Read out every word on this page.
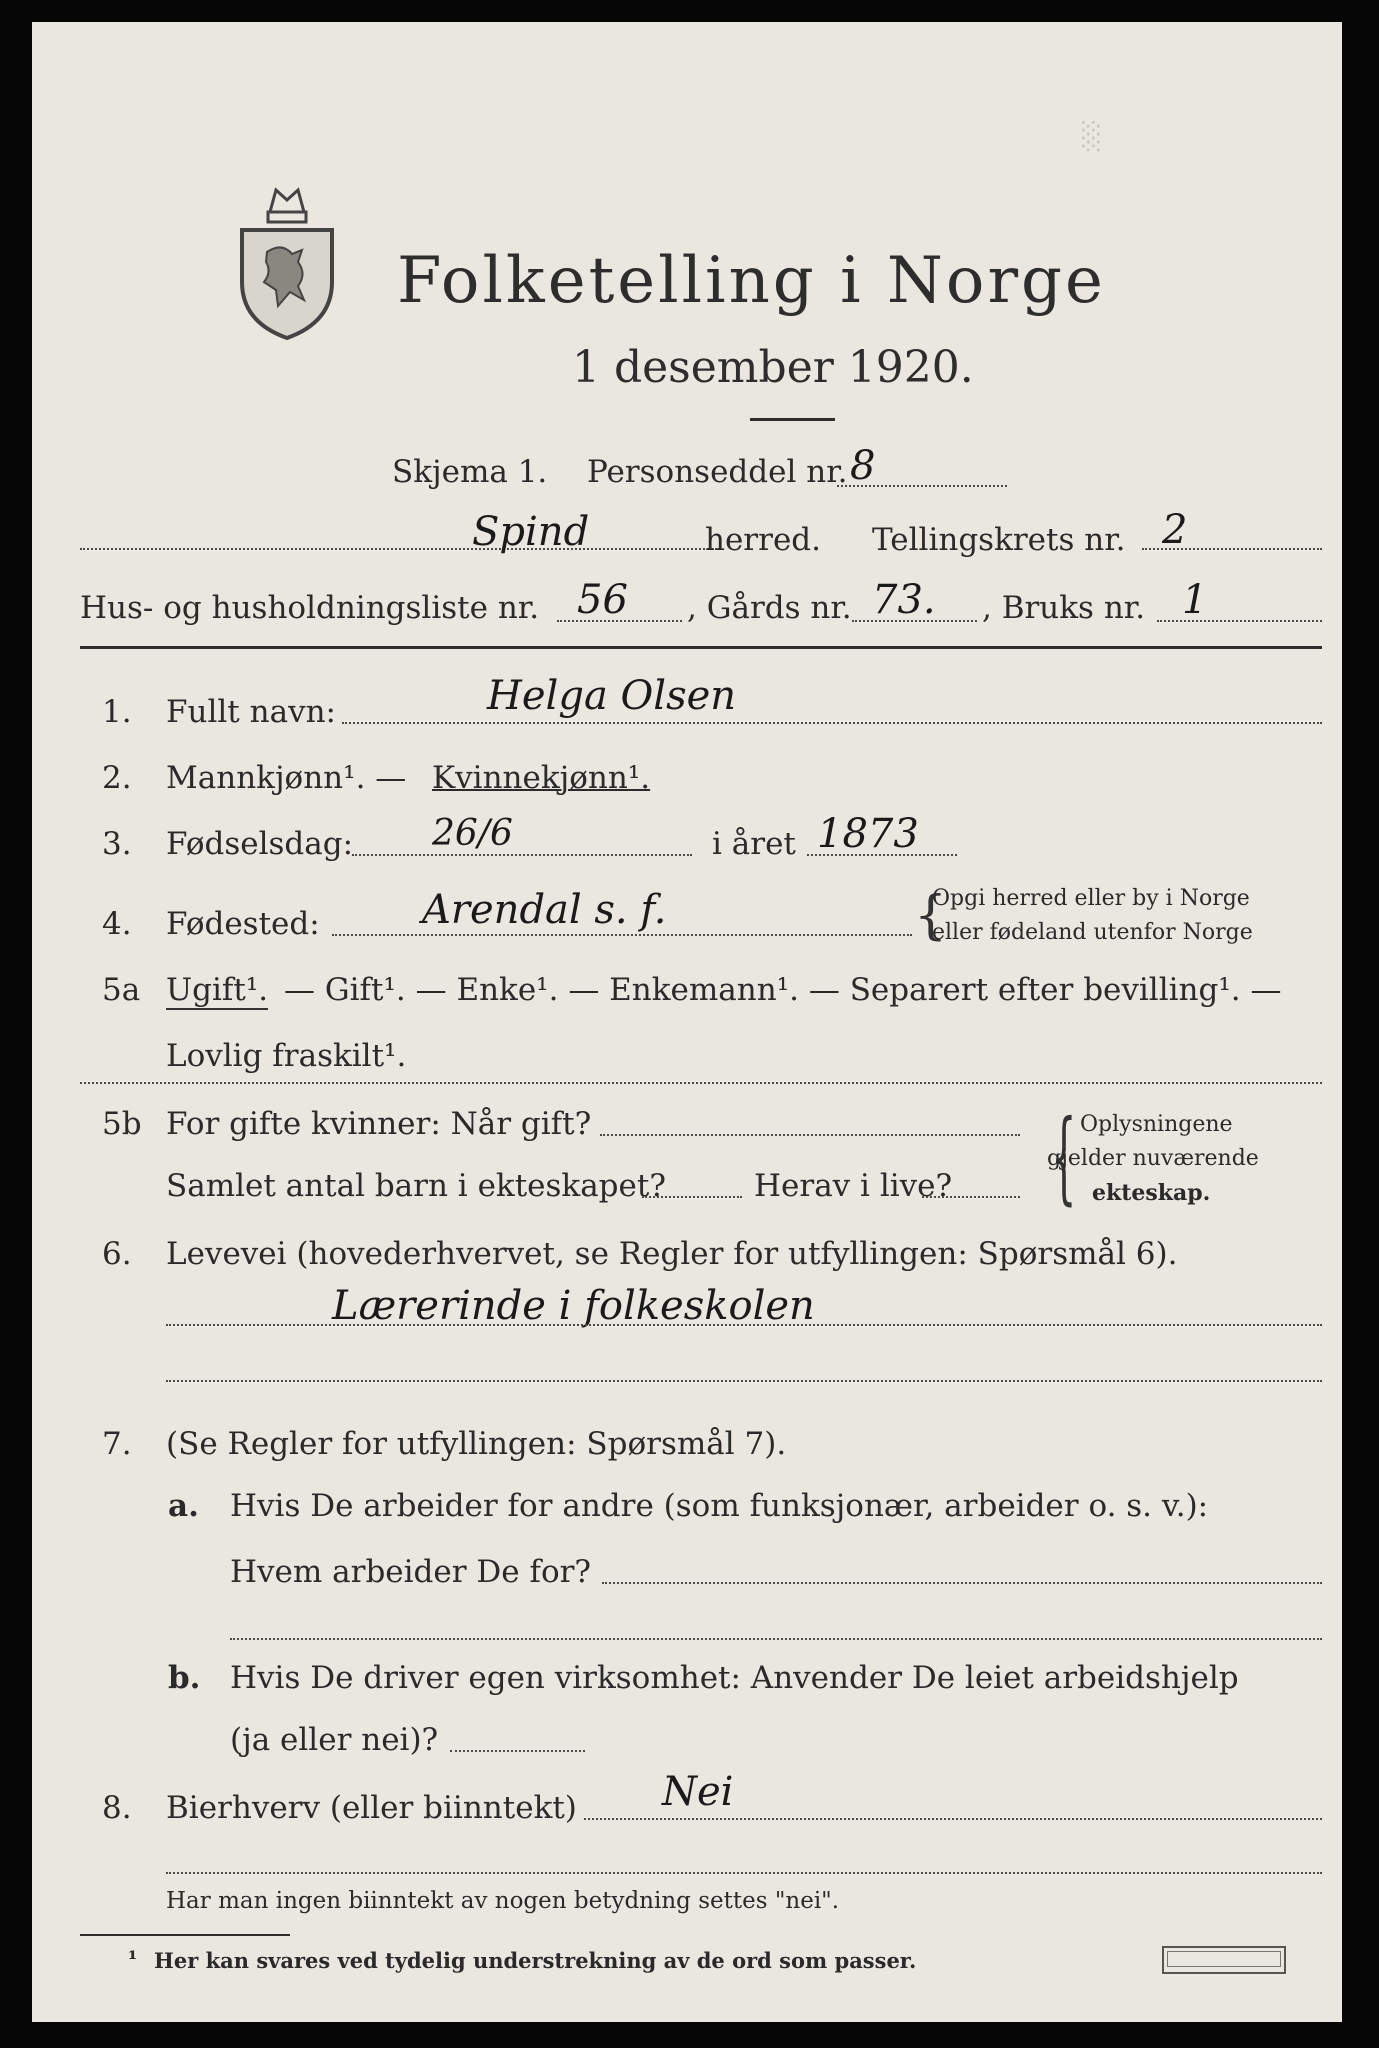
░
Folketelling i Norge
1 desember 1920.
Skjema 1. Personseddel nr. 8
Spind	herred. Tellingskrets nr. 2
Hus- og husholdningsliste nr. 56 , Gårds nr. 73. , Bruks nr. 1
1. Fullt navn:	Helga Olsen
2. Mannkjønn¹. — Kvinnekjønn¹.
3. Fødselsdag: 26/6	i året 1873
4. Fødested:	Arendal s. f.	{
Opgi herred eller by i Norge
eller fødeland utenfor Norge
5a Ugift¹. — Gift¹. — Enke¹. — Enkemann¹. — Separert efter bevilling¹. —
Lovlig fraskilt¹.
5b For gifte kvinner: Når gift?
Samlet antal barn i ekteskapet?	Herav i live? { Oplysningene
gjelder nuværende
ekteskap.
6. Levevei (hovederhvervet, se Regler for utfyllingen: Spørsmål 6).
Lærerinde i folkeskolen
7. (Se Regler for utfyllingen: Spørsmål 7).
a. Hvis De arbeider for andre (som funksjonær, arbeider o. s. v.):
Hvem arbeider De for?
b. Hvis De driver egen virksomhet: Anvender De leiet arbeidshjelp
(ja eller nei)?
8. Bierhverv (eller biinntekt) Nei
Har man ingen biinntekt av nogen betydning settes "nei".
¹ Her kan svares ved tydelig understrekning av de ord som passer.
